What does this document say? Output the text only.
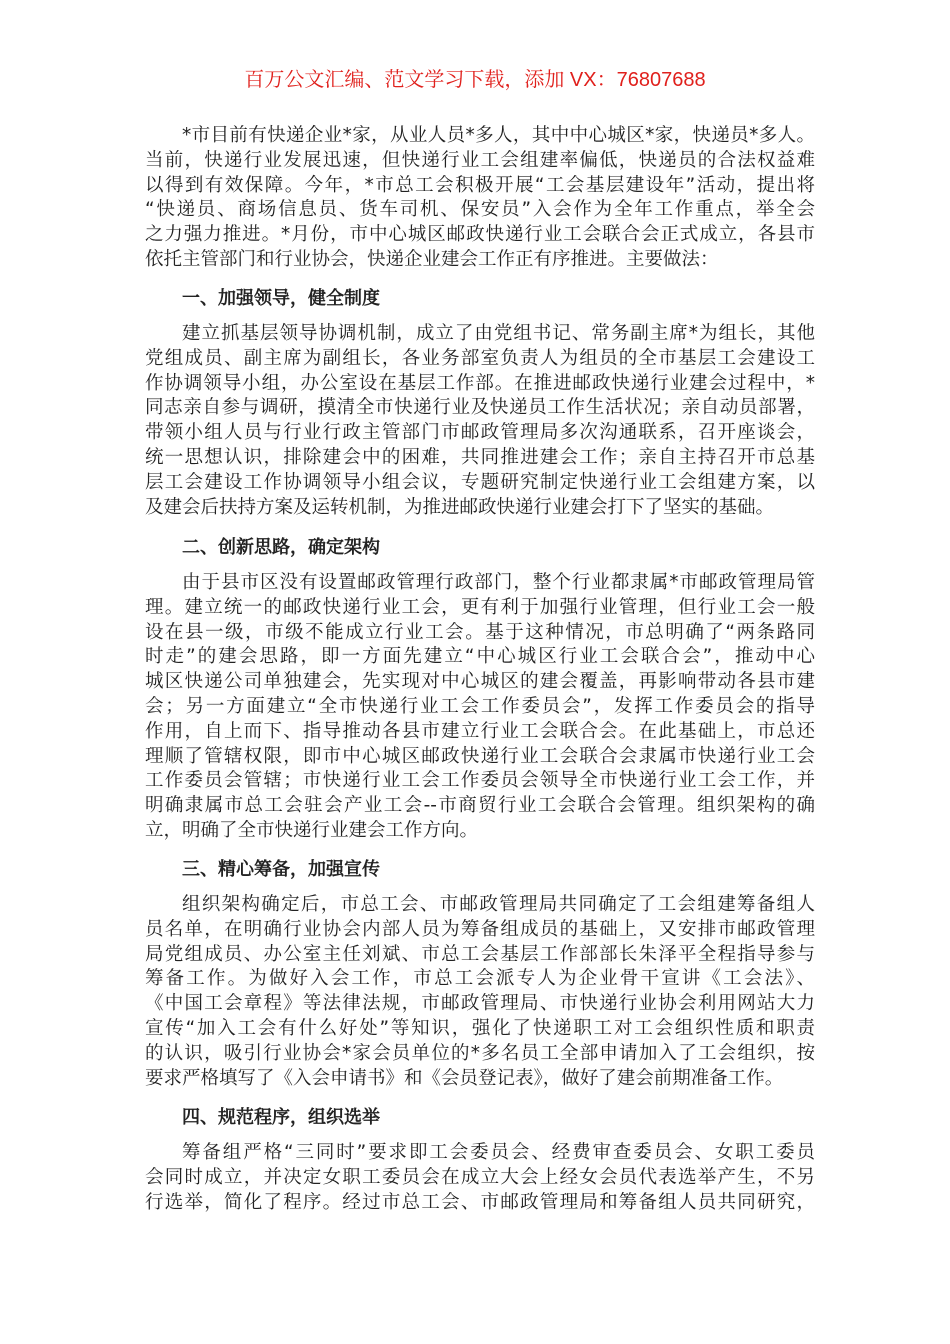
百万公文汇编、范文学习下载，添加 VX：76807688
*市目前有快递企业*家，从业人员*多人，其中中心城区*家，快递员*多人。
当前，快递行业发展迅速，但快递行业工会组建率偏低，快递员的合法权益难
以得到有效保障。今年，*市总工会积极开展“工会基层建设年”活动，提出将
“快递员、商场信息员、货车司机、保安员”入会作为全年工作重点，举全会
之力强力推进。*月份，市中心城区邮政快递行业工会联合会正式成立，各县市
依托主管部门和行业协会，快递企业建会工作正有序推进。主要做法：
一、加强领导，健全制度
建立抓基层领导协调机制，成立了由党组书记、常务副主席*为组长，其他
党组成员、副主席为副组长，各业务部室负责人为组员的全市基层工会建设工
作协调领导小组，办公室设在基层工作部。在推进邮政快递行业建会过程中，*
同志亲自参与调研，摸清全市快递行业及快递员工作生活状况；亲自动员部署，
带领小组人员与行业行政主管部门市邮政管理局多次沟通联系，召开座谈会，
统一思想认识，排除建会中的困难，共同推进建会工作；亲自主持召开市总基
层工会建设工作协调领导小组会议，专题研究制定快递行业工会组建方案，以
及建会后扶持方案及运转机制，为推进邮政快递行业建会打下了坚实的基础。
二、创新思路，确定架构
由于县市区没有设置邮政管理行政部门，整个行业都隶属*市邮政管理局管
理。建立统一的邮政快递行业工会，更有利于加强行业管理，但行业工会一般
设在县一级，市级不能成立行业工会。基于这种情况，市总明确了“两条路同
时走”的建会思路，即一方面先建立“中心城区行业工会联合会”，推动中心
城区快递公司单独建会，先实现对中心城区的建会覆盖，再影响带动各县市建
会；另一方面建立“全市快递行业工会工作委员会”，发挥工作委员会的指导
作用，自上而下、指导推动各县市建立行业工会联合会。在此基础上，市总还
理顺了管辖权限，即市中心城区邮政快递行业工会联合会隶属市快递行业工会
工作委员会管辖；市快递行业工会工作委员会领导全市快递行业工会工作，并
明确隶属市总工会驻会产业工会--市商贸行业工会联合会管理。组织架构的确
立，明确了全市快递行业建会工作方向。
三、精心筹备，加强宣传
组织架构确定后，市总工会、市邮政管理局共同确定了工会组建筹备组人
员名单，在明确行业协会内部人员为筹备组成员的基础上，又安排市邮政管理
局党组成员、办公室主任刘斌、市总工会基层工作部部长朱泽平全程指导参与
筹备工作。为做好入会工作，市总工会派专人为企业骨干宣讲《工会法》、
《中国工会章程》等法律法规，市邮政管理局、市快递行业协会利用网站大力
宣传“加入工会有什么好处”等知识，强化了快递职工对工会组织性质和职责
的认识，吸引行业协会*家会员单位的*多名员工全部申请加入了工会组织，按
要求严格填写了《入会申请书》和《会员登记表》，做好了建会前期准备工作。
四、规范程序，组织选举
筹备组严格“三同时”要求即工会委员会、经费审查委员会、女职工委员
会同时成立，并决定女职工委员会在成立大会上经女会员代表选举产生，不另
行选举，简化了程序。经过市总工会、市邮政管理局和筹备组人员共同研究，
